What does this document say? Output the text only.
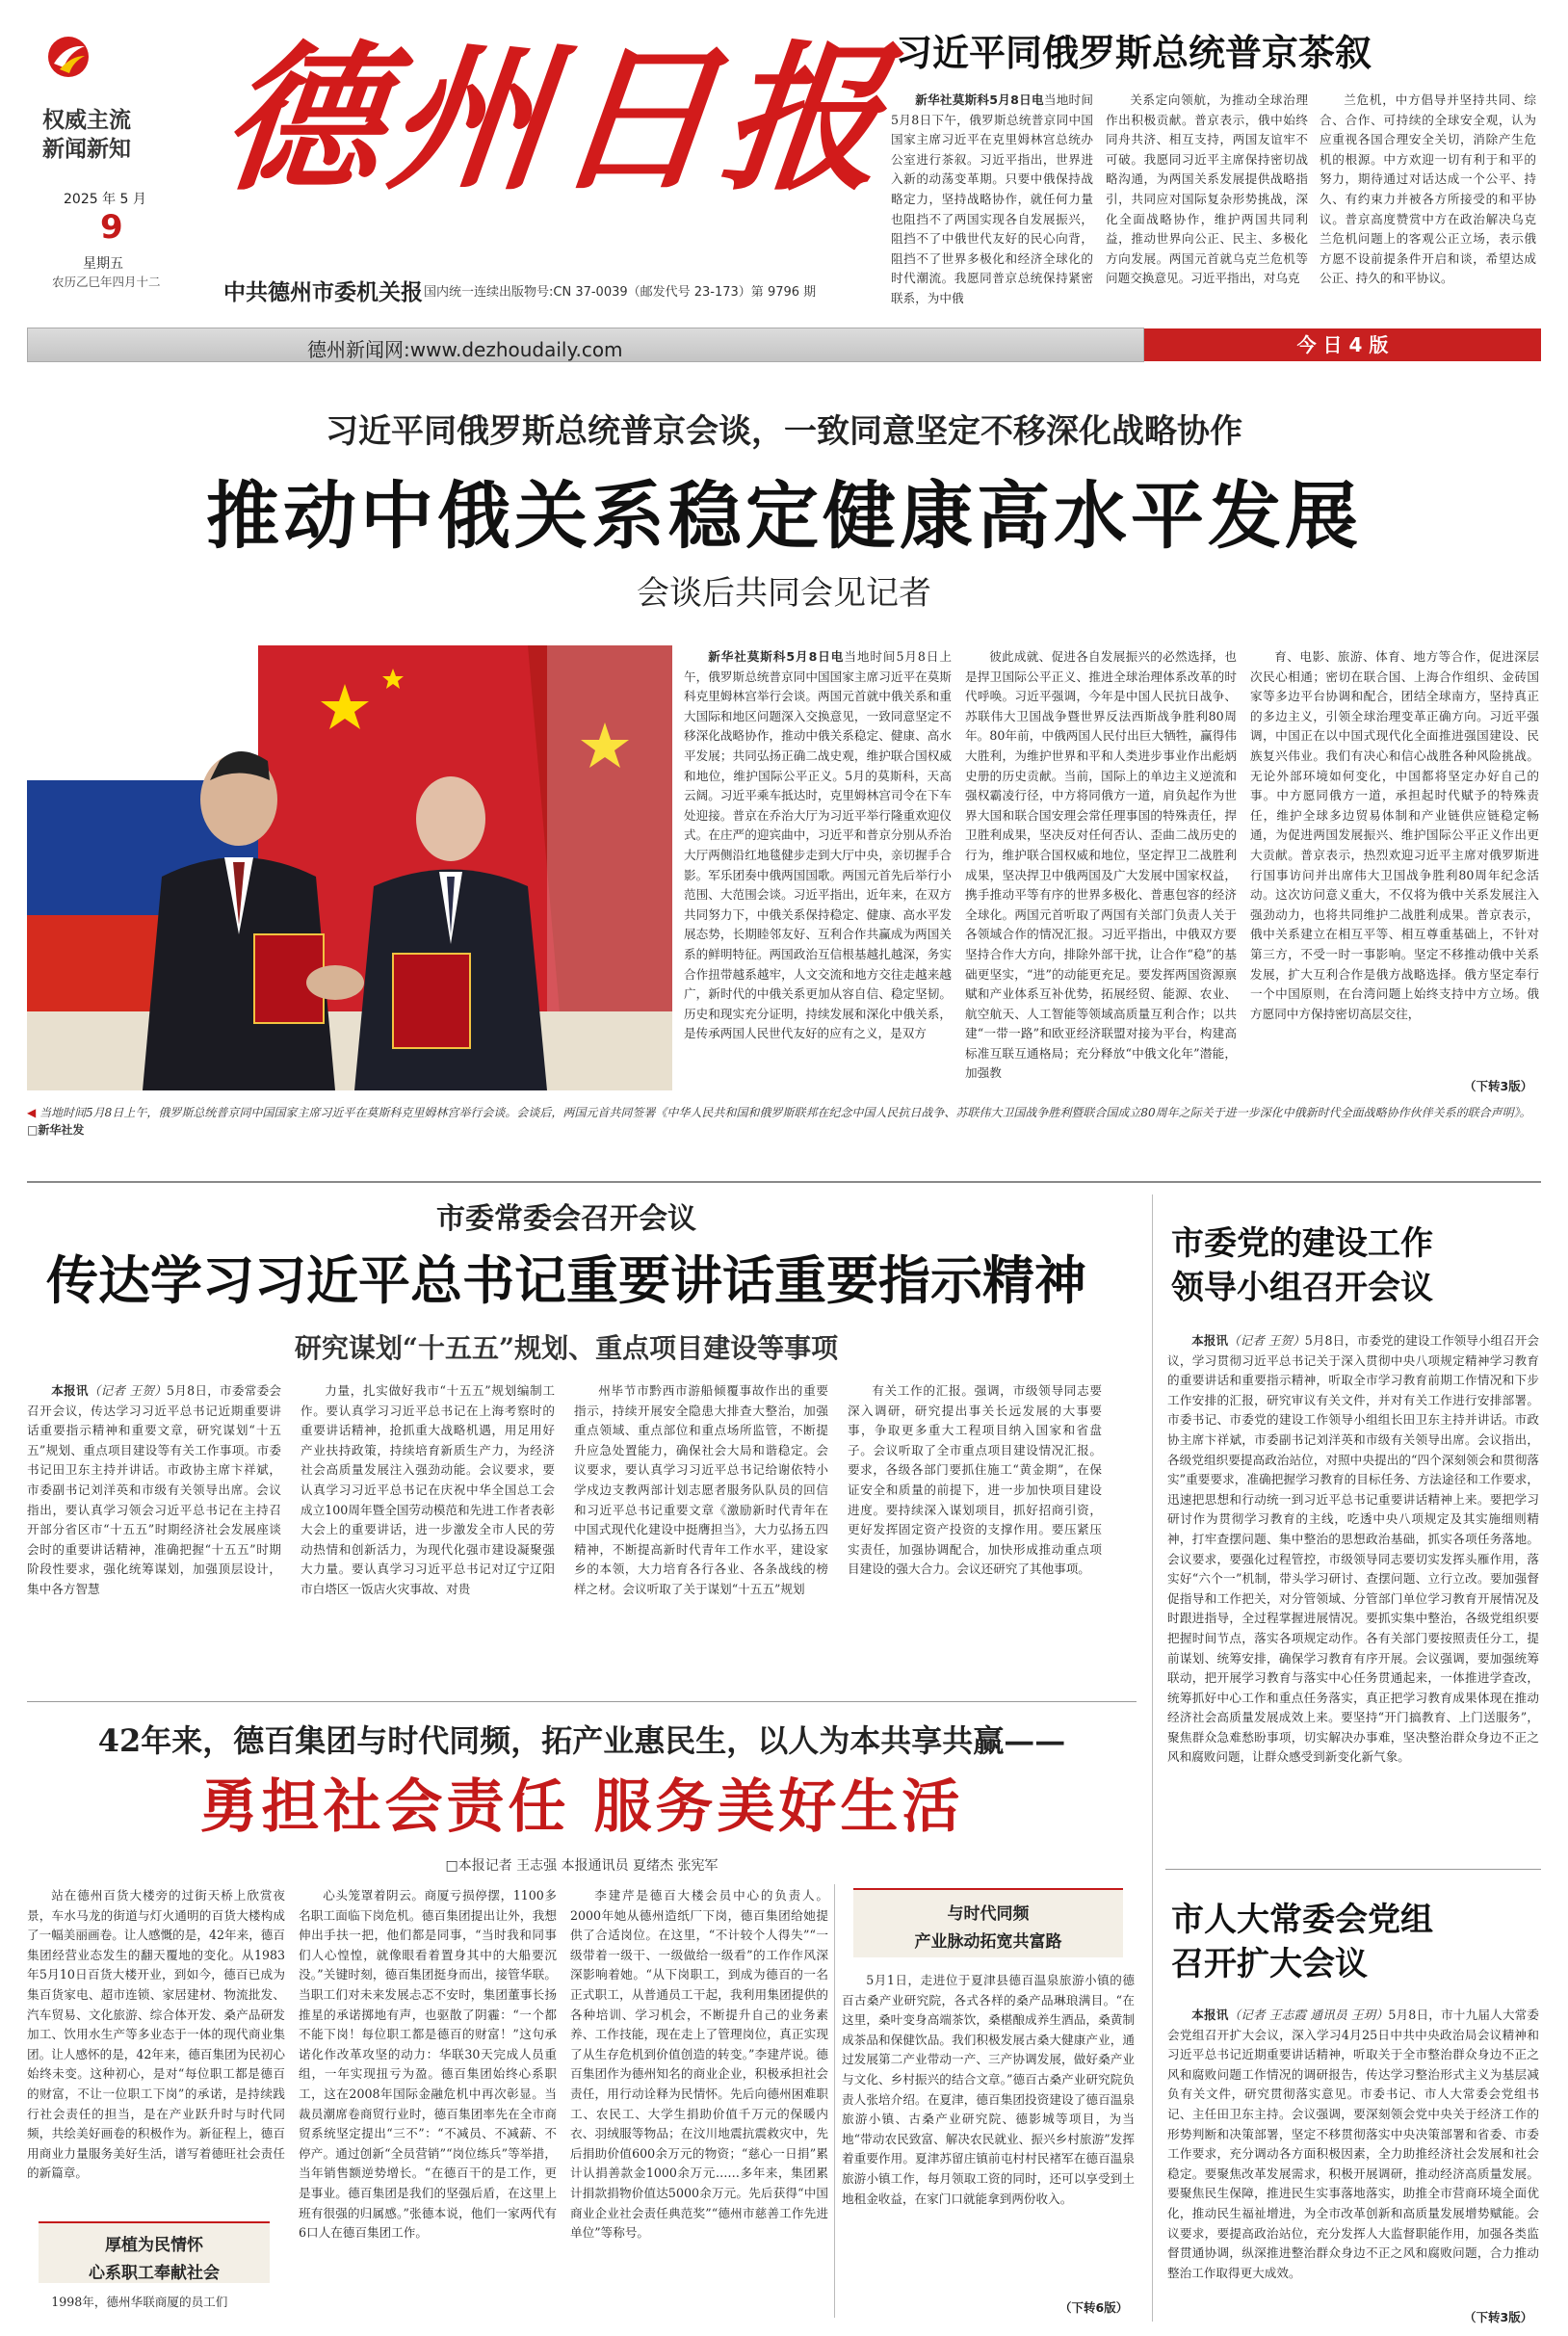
权威主流
新闻新知
2025 年 5 月
9
星期五
农历乙巳年四月十二
德州日报
中共德州市委机关报 国内统一连续出版物号:CN 37-0039（邮发代号 23-173）第 9796 期
德州新闻网:www.dezhoudaily.com	今 日 4 版
习近平同俄罗斯总统普京茶叙

新华社莫斯科5月8日电当地时间5月8日下午，俄罗斯总统普京同中国国家主席习近平在克里姆林宫总统办公室进行茶叙。习近平指出，世界进入新的动荡变革期。只要中俄保持战略定力，坚持战略协作，就任何力量也阻挡不了两国实现各自发展振兴，阻挡不了中俄世代友好的民心向背，阻挡不了世界多极化和经济全球化的时代潮流。我愿同普京总统保持紧密联系，为中俄

关系定向领航，为推动全球治理作出积极贡献。普京表示，俄中始终同舟共济、相互支持，两国友谊牢不可破。我愿同习近平主席保持密切战略沟通，为两国关系发展提供战略指引，共同应对国际复杂形势挑战，深化全面战略协作，维护两国共同利益，推动世界向公正、民主、多极化方向发展。两国元首就乌克兰危机等问题交换意见。习近平指出，对乌克

兰危机，中方倡导并坚持共同、综合、合作、可持续的全球安全观，认为应重视各国合理安全关切，消除产生危机的根源。中方欢迎一切有利于和平的努力，期待通过对话达成一个公平、持久、有约束力并被各方所接受的和平协议。普京高度赞赏中方在政治解决乌克兰危机问题上的客观公正立场，表示俄方愿不设前提条件开启和谈，希望达成公正、持久的和平协议。

习近平同俄罗斯总统普京会谈，一致同意坚定不移深化战略协作
推动中俄关系稳定健康高水平发展
会谈后共同会见记者
◀ 当地时间5月8日上午，俄罗斯总统普京同中国国家主席习近平在莫斯科克里姆林宫举行会谈。会谈后，两国元首共同签署《中华人民共和国和俄罗斯联邦在纪念中国人民抗日战争、苏联伟大卫国战争胜利暨联合国成立80周年之际关于进一步深化中俄新时代全面战略协作伙伴关系的联合声明》。 □新华社发

新华社莫斯科5月8日电当地时间5月8日上午，俄罗斯总统普京同中国国家主席习近平在莫斯科克里姆林宫举行会谈。两国元首就中俄关系和重大国际和地区问题深入交换意见，一致同意坚定不移深化战略协作，推动中俄关系稳定、健康、高水平发展；共同弘扬正确二战史观，维护联合国权威和地位，维护国际公平正义。5月的莫斯科，天高云阔。习近平乘车抵达时，克里姆林宫司令在下车处迎接。普京在乔治大厅为习近平举行隆重欢迎仪式。在庄严的迎宾曲中，习近平和普京分别从乔治大厅两侧沿红地毯健步走到大厅中央，亲切握手合影。军乐团奏中俄两国国歌。两国元首先后举行小范围、大范围会谈。习近平指出，近年来，在双方共同努力下，中俄关系保持稳定、健康、高水平发展态势，长期睦邻友好、互利合作共赢成为两国关系的鲜明特征。两国政治互信根基越扎越深，务实合作扭带越系越牢，人文交流和地方交往走越来越广，新时代的中俄关系更加从容自信、稳定坚韧。历史和现实充分证明，持续发展和深化中俄关系，是传承两国人民世代友好的应有之义，是双方

彼此成就、促进各自发展振兴的必然选择，也是捍卫国际公平正义、推进全球治理体系改革的时代呼唤。习近平强调，今年是中国人民抗日战争、苏联伟大卫国战争暨世界反法西斯战争胜利80周年。80年前，中俄两国人民付出巨大牺牲，赢得伟大胜利，为维护世界和平和人类进步事业作出彪炳史册的历史贡献。当前，国际上的单边主义逆流和强权霸凌行径，中方将同俄方一道，肩负起作为世界大国和联合国安理会常任理事国的特殊责任，捍卫胜利成果，坚决反对任何否认、歪曲二战历史的行为，维护联合国权威和地位，坚定捍卫二战胜利成果，坚决捍卫中俄两国及广大发展中国家权益，携手推动平等有序的世界多极化、普惠包容的经济全球化。两国元首听取了两国有关部门负责人关于各领域合作的情况汇报。习近平指出，中俄双方要坚持合作大方向，排除外部干扰，让合作“稳”的基础更坚实，“进”的动能更充足。要发挥两国资源禀赋和产业体系互补优势，拓展经贸、能源、农业、航空航天、人工智能等领域高质量互利合作；以共建“一带一路”和欧亚经济联盟对接为平台，构建高标准互联互通格局；充分释放“中俄文化年”潜能，加强教

育、电影、旅游、体育、地方等合作，促进深层次民心相通；密切在联合国、上海合作组织、金砖国家等多边平台协调和配合，团结全球南方，坚持真正的多边主义，引领全球治理变革正确方向。习近平强调，中国正在以中国式现代化全面推进强国建设、民族复兴伟业。我们有决心和信心战胜各种风险挑战。无论外部环境如何变化，中国都将坚定办好自己的事。中方愿同俄方一道，承担起时代赋予的特殊责任，维护全球多边贸易体制和产业链供应链稳定畅通，为促进两国发展振兴、维护国际公平正义作出更大贡献。普京表示，热烈欢迎习近平主席对俄罗斯进行国事访问并出席伟大卫国战争胜利80周年纪念活动。这次访问意义重大，不仅将为俄中关系发展注入强劲动力，也将共同维护二战胜利成果。普京表示，俄中关系建立在相互平等、相互尊重基础上，不针对第三方，不受一时一事影响。坚定不移推动俄中关系发展，扩大互利合作是俄方战略选择。俄方坚定奉行一个中国原则，在台湾问题上始终支持中方立场。俄方愿同中方保持密切高层交往，

（下转3版）
市委常委会召开会议
传达学习习近平总书记重要讲话重要指示精神
研究谋划“十五五”规划、重点项目建设等事项

本报讯（记者 王贺）5月8日，市委常委会召开会议，传达学习习近平总书记近期重要讲话重要指示精神和重要文章，研究谋划“十五五”规划、重点项目建设等有关工作事项。市委书记田卫东主持并讲话。市政协主席卞祥斌，市委副书记刘洋英和市级有关领导出席。会议指出，要认真学习领会习近平总书记在主持召开部分省区市“十五五”时期经济社会发展座谈会时的重要讲话精神，准确把握“十五五”时期阶段性要求，强化统筹谋划，加强顶层设计，集中各方智慧

力量，扎实做好我市“十五五”规划编制工作。要认真学习习近平总书记在上海考察时的重要讲话精神，抢抓重大战略机遇，用足用好产业扶持政策，持续培育新质生产力，为经济社会高质量发展注入强劲动能。会议要求，要认真学习习近平总书记在庆祝中华全国总工会成立100周年暨全国劳动模范和先进工作者表彰大会上的重要讲话，进一步激发全市人民的劳动热情和创新活力，为现代化强市建设凝聚强大力量。要认真学习习近平总书记对辽宁辽阳市白塔区一饭店火灾事故、对贵

州毕节市黔西市游船倾覆事故作出的重要指示，持续开展安全隐患大排查大整治，加强重点领域、重点部位和重点场所监管，不断提升应急处置能力，确保社会大局和谐稳定。会议要求，要认真学习习近平总书记给谢依特小学戍边支教两部计划志愿者服务队队员的回信和习近平总书记重要文章《激励新时代青年在中国式现代化建设中挺膺担当》，大力弘扬五四精神，不断提高新时代青年工作水平，建设家乡的本领，大力培育各行各业、各条战线的榜样之材。会议听取了关于谋划“十五五”规划

有关工作的汇报。强调，市级领导同志要深入调研，研究提出事关长远发展的大事要事，争取更多重大工程项目纳入国家和省盘子。会议听取了全市重点项目建设情况汇报。要求，各级各部门要抓住施工“黄金期”，在保证安全和质量的前提下，进一步加快项目建设进度。要持续深入谋划项目，抓好招商引资，更好发挥固定资产投资的支撑作用。要压紧压实责任，加强协调配合，加快形成推动重点项目建设的强大合力。会议还研究了其他事项。

市委党的建设工作
领导小组召开会议

本报讯（记者 王贺）5月8日，市委党的建设工作领导小组召开会议，学习贯彻习近平总书记关于深入贯彻中央八项规定精神学习教育的重要讲话和重要指示精神，听取全市学习教育前期工作情况和下步工作安排的汇报，研究审议有关文件，并对有关工作进行安排部署。市委书记、市委党的建设工作领导小组组长田卫东主持并讲话。市政协主席卞祥斌，市委副书记刘洋英和市级有关领导出席。会议指出，各级党组织要提高政治站位，对照中央提出的“四个深刻领会和贯彻落实”重要要求，准确把握学习教育的目标任务、方法途径和工作要求，迅速把思想和行动统一到习近平总书记重要讲话精神上来。要把学习研讨作为贯彻学习教育的主线，吃透中央八项规定及其实施细则精神，打牢查摆问题、集中整治的思想政治基础，抓实各项任务落地。会议要求，要强化过程管控，市级领导同志要切实发挥头雁作用，落实好“六个一”机制，带头学习研讨、查摆问题、立行立改。要加强督促指导和工作把关，对分管领域、分管部门单位学习教育开展情况及时跟进指导，全过程掌握进展情况。要抓实集中整治，各级党组织要把握时间节点，落实各项规定动作。各有关部门要按照责任分工，提前谋划、统筹安排，确保学习教育有序开展。会议强调，要加强统筹联动，把开展学习教育与落实中心任务贯通起来，一体推进学查改，统筹抓好中心工作和重点任务落实，真正把学习教育成果体现在推动经济社会高质量发展成效上来。要坚持“开门搞教育、上门送服务”，聚焦群众急难愁盼事项，切实解决办事难，坚决整治群众身边不正之风和腐败问题，让群众感受到新变化新气象。

市人大常委会党组
召开扩大会议

本报讯（记者 王志霞 通讯员 王玥）5月8日，市十九届人大常委会党组召开扩大会议，深入学习4月25日中共中央政治局会议精神和习近平总书记近期重要讲话精神，听取关于全市整治群众身边不正之风和腐败问题工作情况的调研报告，传达学习整治形式主义为基层减负有关文件，研究贯彻落实意见。市委书记、市人大常委会党组书记、主任田卫东主持。会议强调，要深刻领会党中央关于经济工作的形势判断和决策部署，坚定不移贯彻落实中央决策部署和省委、市委工作要求，充分调动各方面积极因素，全力助推经济社会发展和社会稳定。要聚焦改革发展需求，积极开展调研，推动经济高质量发展。要聚焦民生保障，推进民生实事落地落实，助推全市营商环境全面优化，推动民生福祉增进，为全市改革创新和高质量发展增势赋能。会议要求，要提高政治站位，充分发挥人大监督职能作用，加强各类监督贯通协调，纵深推进整治群众身边不正之风和腐败问题，合力推动整治工作取得更大成效。

（下转3版）
42年来，德百集团与时代同频，拓产业惠民生，以人为本共享共赢——
勇担社会责任 服务美好生活
□本报记者 王志强 本报通讯员 夏绪杰 张宪军

站在德州百货大楼旁的过街天桥上欣赏夜景，车水马龙的街道与灯火通明的百货大楼构成了一幅美丽画卷。让人感慨的是，42年来，德百集团经营业态发生的翻天覆地的变化。从1983年5月10日百货大楼开业，到如今，德百已成为集百货家电、超市连锁、家居建材、物流批发、汽车贸易、文化旅游、综合体开发、桑产品研发加工、饮用水生产等多业态于一体的现代商业集团。让人感怀的是，42年来，德百集团为民初心始终未变。这种初心，是对“每位职工都是德百的财富，不让一位职工下岗”的承诺，是持续践行社会责任的担当，是在产业跃升时与时代同频，共绘美好画卷的积极作为。新征程上，德百用商业力量服务美好生活，谱写着德旺社会责任的新篇章。

厚植为民情怀
心系职工奉献社会

1998年，德州华联商厦的员工们

心头笼罩着阴云。商厦亏损停摆，1100多名职工面临下岗危机。德百集团提出让外，我想伸出手扶一把，他们都是同事，“当时我和同事们人心惶惶，就像眼看着置身其中的大船要沉没。”关键时刻，德百集团挺身而出，接管华联。当职工们对未来发展忐忑不安时，集团董事长扬推星的承诺掷地有声，也驱散了阴霾：“一个都不能下岗！每位职工都是德百的财富！”这句承诺化作改革攻坚的动力：华联30天完成人员重组，一年实现扭亏为盈。德百集团始终心系职工，这在2008年国际金融危机中再次彰显。当裁员潮席卷商贸行业时，德百集团率先在全市商贸系统坚定提出“三不”：“不减员、不减薪、不停产。通过创新“全员营销”“岗位练兵”等举措，当年销售额逆势增长。“在德百干的是工作，更是事业。德百集团是我们的坚强后盾，在这里上班有很强的归属感。”张德本说，他们一家两代有6口人在德百集团工作。

李建芹是德百大楼会员中心的负责人。2000年她从德州造纸厂下岗，德百集团给她提供了合适岗位。在这里，“不计较个人得失”“一级带着一级干、一级做给一级看”的工作作风深深影响着她。“从下岗职工，到成为德百的一名正式职工，从普通员工干起，我利用集团提供的各种培训、学习机会，不断提升自己的业务素养、工作技能，现在走上了管理岗位，真正实现了从生存危机到价值创造的转变。”李建芹说。德百集团作为德州知名的商业企业，积极承担社会责任，用行动诠释为民情怀。先后向德州困难职工、农民工、大学生捐助价值千万元的保暖内衣、羽绒服等物品；在汶川地震抗震救灾中，先后捐助价值600余万元的物资；“慈心一日捐”累计认捐善款金1000余万元……多年来，集团累计捐款捐物价值达5000余万元。先后获得“中国商业企业社会责任典范奖”“德州市慈善工作先进单位”等称号。

与时代同频
产业脉动拓宽共富路

5月1日，走进位于夏津县德百温泉旅游小镇的德百古桑产业研究院，各式各样的桑产品琳琅满目。“在这里，桑叶变身高端茶饮，桑椹酿成养生酒品，桑黄制成茶品和保健饮品。我们积极发展古桑大健康产业，通过发展第二产业带动一产、三产协调发展，做好桑产业与文化、乡村振兴的结合文章。”德百古桑产业研究院负责人张培介绍。在夏津，德百集团投资建设了德百温泉旅游小镇、古桑产业研究院、德影城等项目，为当地“带动农民致富、解决农民就业、振兴乡村旅游”发挥着重要作用。夏津苏留庄镇前屯村村民褚军在德百温泉旅游小镇工作，每月领取工资的同时，还可以享受到土地租金收益，在家门口就能拿到两份收入。

（下转6版）
